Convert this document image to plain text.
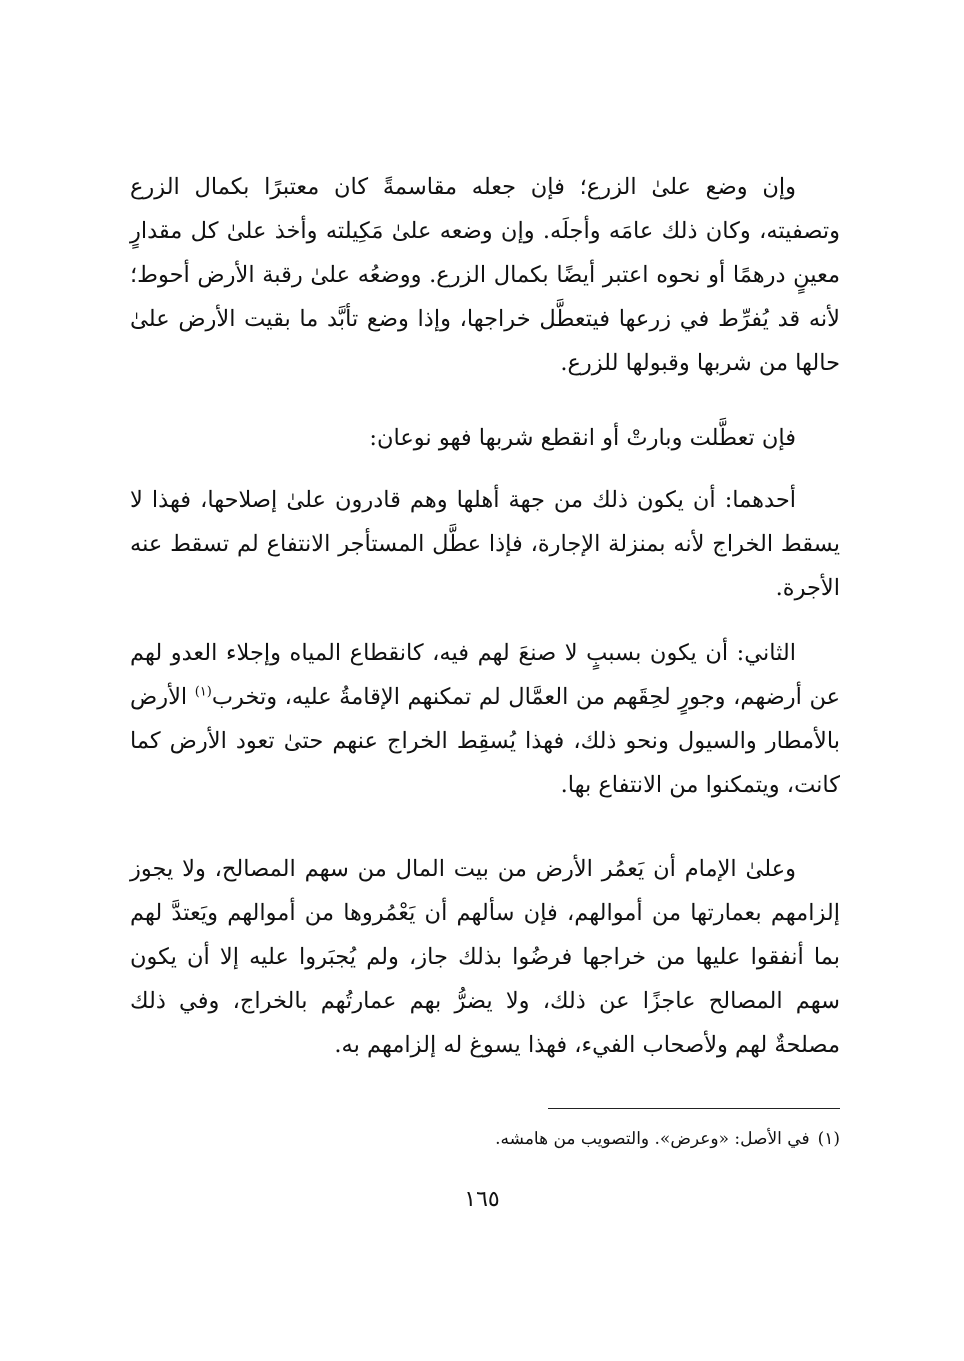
وإن وضع علىٰ الزرع؛ فإن جعله مقاسمةً كان معتبرًا بكمال الزرع وتصفيته، وكان ذلك عامَه وأجلَه. وإن وضعه علىٰ مَكِيلته وأخذ علىٰ كل مقدارٍ معينٍ درهمًا أو نحوه اعتبر أيضًا بكمال الزرع. ووضعُه علىٰ رقبة الأرض أحوط؛ لأنه قد يُفرِّط في زرعها فيتعطَّل خراجها، وإذا وضع تأبَّد ما بقيت الأرض علىٰ حالها من شربها وقبولها للزرع.

فإن تعطَّلت وبارتْ أو انقطع شربها فهو نوعان:

أحدهما: أن يكون ذلك من جهة أهلها وهم قادرون علىٰ إصلاحها، فهذا لا يسقط الخراج لأنه بمنزلة الإجارة، فإذا عطَّل المستأجر الانتفاع لم تسقط عنه الأجرة.

الثاني: أن يكون بسببٍ لا صنعَ لهم فيه، كانقطاع المياه وإجلاء العدو لهم عن أرضهم، وجورٍ لحِقَهم من العمَّال لم تمكنهم الإقامةُ عليه، وتخرب$^{(١)}$ الأرض بالأمطار والسيول ونحو ذلك، فهذا يُسقِط الخراج عنهم حتىٰ تعود الأرض كما كانت، ويتمكنوا من الانتفاع بها.

وعلىٰ الإمام أن يَعمُر الأرض من بيت المال من سهم المصالح، ولا يجوز إلزامهم بعمارتها من أموالهم، فإن سألهم أن يَعْمُروها من أموالهم ويَعتدَّ لهم بما أنفقوا عليها من خراجها فرضُوا بذلك جاز، ولم يُجبَروا عليه إلا أن يكون سهم المصالح عاجزًا عن ذلك، ولا يضرُّ بهم عمارتُهم بالخراج، وفي ذلك مصلحةٌ لهم ولأصحاب الفيء، فهذا يسوغ له إلزامهم به.

(١)في الأصل: «وعرض». والتصويب من هامشه.

١٦٥
